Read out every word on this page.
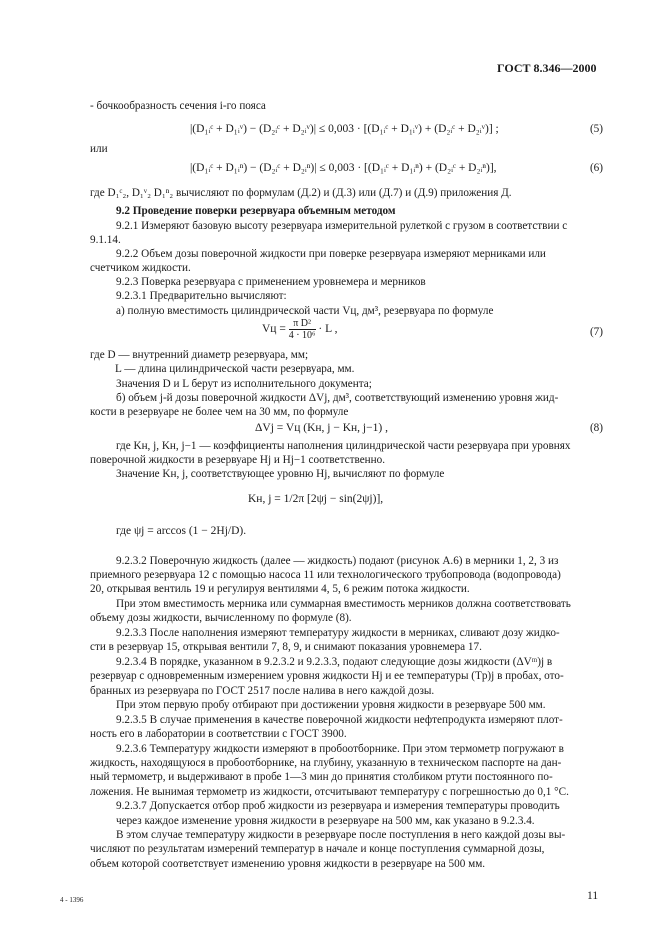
ГОСТ 8.346—2000
- бочкообразность сечения i-го пояса
|(D₁ᵢᶜ + D₁ᵢᵛ) − (D₂ᵢᶜ + D₂ᵢᵛ)| ≤ 0,003 · [(D₁ᵢᶜ + D₁ᵢᵛ) + (D₂ᵢᶜ + D₂ᵢᵛ)] ;	(5)
или
|(D₁ᵢᶜ + D₁ᵢⁿ) − (D₂ᵢᶜ + D₂ᵢⁿ)| ≤ 0,003 · [(D₁ᵢᶜ + D₁ᵢⁿ) + (D₂ᵢᶜ + D₂ᵢⁿ)],	(6)
где D₁ᶜ₂, D₁ᵛ₂ D₁ⁿ₂ вычисляют по формулам (Д.2) и (Д.3) или (Д.7) и (Д.9) приложения Д.
9.2 Проведение поверки резервуара объемным методом
9.2.1 Измеряют базовую высоту резервуара измерительной рулеткой с грузом в соответствии с
9.1.14.
9.2.2 Объем дозы поверочной жидкости при поверке резервуара измеряют мерниками или
счетчиком жидкости.
9.2.3 Поверка резервуара с применением уровнемера и мерников
9.2.3.1 Предварительно вычисляют:
а) полную вместимость цилиндрической части Vц, дм³, резервуара по формуле
Vц = $\frac{\text{π D²}}{\text{4 · 10⁶}} \cdot L$ ,	(7)
где D — внутренний диаметр резервуара, мм;
L — длина цилиндрической части резервуара, мм.
Значения D и L берут из исполнительного документа;
б) объем j-й дозы поверочной жидкости ΔVj, дм³, соответствующий изменению уровня жид-
кости в резервуаре не более чем на 30 мм, по формуле
ΔVj = Vц (Kн, j − Kн, j−1) ,	(8)
где Kн, j, Kн, j−1 — коэффициенты наполнения цилиндрической части резервуара при уровнях
поверочной жидкости в резервуаре Hj и Hj−1 соответственно.
Значение Kн, j, соответствующее уровню Hj, вычисляют по формуле
Kн, j = 1/2π [2ψj − sin(2ψj)],
где ψj = arccos (1 − 2Hj/D).
9.2.3.2 Поверочную жидкость (далее — жидкость) подают (рисунок А.6) в мерники 1, 2, 3 из
приемного резервуара 12 с помощью насоса 11 или технологического трубопровода (водопровода)
20, открывая вентиль 19 и регулируя вентилями 4, 5, 6 режим потока жидкости.
При этом вместимость мерника или суммарная вместимость мерников должна соответствовать
объему дозы жидкости, вычисленному по формуле (8).
9.2.3.3 После наполнения измеряют температуру жидкости в мерниках, сливают дозу жидко-
сти в резервуар 15, открывая вентили 7, 8, 9, и снимают показания уровнемера 17.
9.2.3.4 В порядке, указанном в 9.2.3.2 и 9.2.3.3, подают следующие дозы жидкости (ΔVᵐ)j в
резервуар с одновременным измерением уровня жидкости Hj и ее температуры (Tр)j в пробах, ото-
бранных из резервуара по ГОСТ 2517 после налива в него каждой дозы.
При этом первую пробу отбирают при достижении уровня жидкости в резервуаре 500 мм.
9.2.3.5 В случае применения в качестве поверочной жидкости нефтепродукта измеряют плот-
ность его в лаборатории в соответствии с ГОСТ 3900.
9.2.3.6 Температуру жидкости измеряют в пробоотборнике. При этом термометр погружают в
жидкость, находящуюся в пробоотборнике, на глубину, указанную в техническом паспорте на дан-
ный термометр, и выдерживают в пробе 1—3 мин до принятия столбиком ртути постоянного по-
ложения. Не вынимая термометр из жидкости, отсчитывают температуру с погрешностью до 0,1 °С.
9.2.3.7 Допускается отбор проб жидкости из резервуара и измерения температуры проводить
через каждое изменение уровня жидкости в резервуаре на 500 мм, как указано в 9.2.3.4.
В этом случае температуру жидкости в резервуаре после поступления в него каждой дозы вы-
числяют по результатам измерений температур в начале и конце поступления суммарной дозы,
объем которой соответствует изменению уровня жидкости в резервуаре на 500 мм.
4 - 1396	11
